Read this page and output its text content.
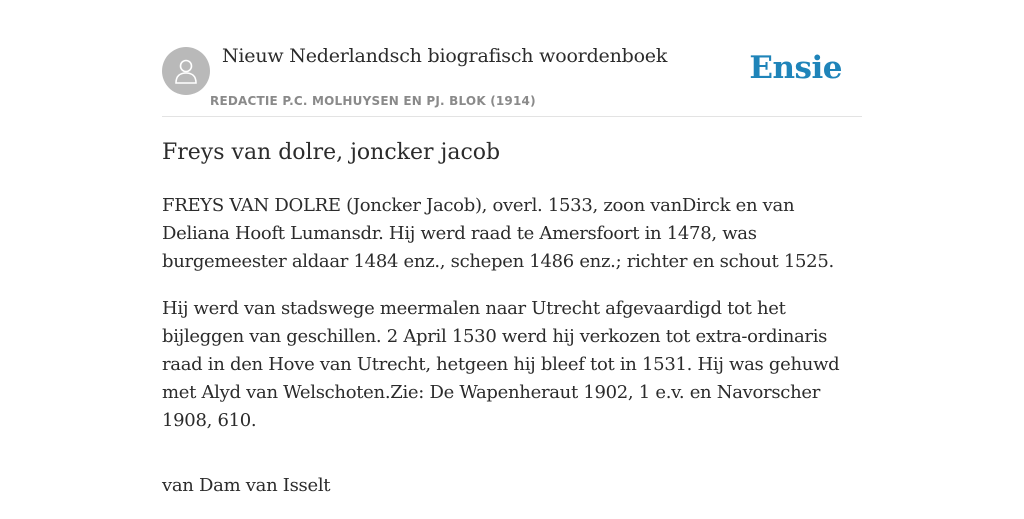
Nieuw Nederlandsch biografisch woordenboek
REDACTIE P.C. MOLHUYSEN EN PJ. BLOK (1914)
Ensie
Freys van dolre, joncker jacob

FREYS VAN DOLRE (Joncker Jacob), overl. 1533, zoon vanDirck en van Deliana Hooft Lumansdr. Hij werd raad te Amersfoort in 1478, was burgemeester aldaar 1484 enz., schepen 1486 enz.; richter en schout 1525.

Hij werd van stadswege meermalen naar Utrecht afgevaardigd tot het bijleggen van geschillen. 2 April 1530 werd hij verkozen tot extra-ordinaris raad in den Hove van Utrecht, hetgeen hij bleef tot in 1531. Hij was gehuwd met Alyd van Welschoten.Zie: De Wapenheraut 1902, 1 e.v. en Navorscher 1908, 610.

van Dam van Isselt
